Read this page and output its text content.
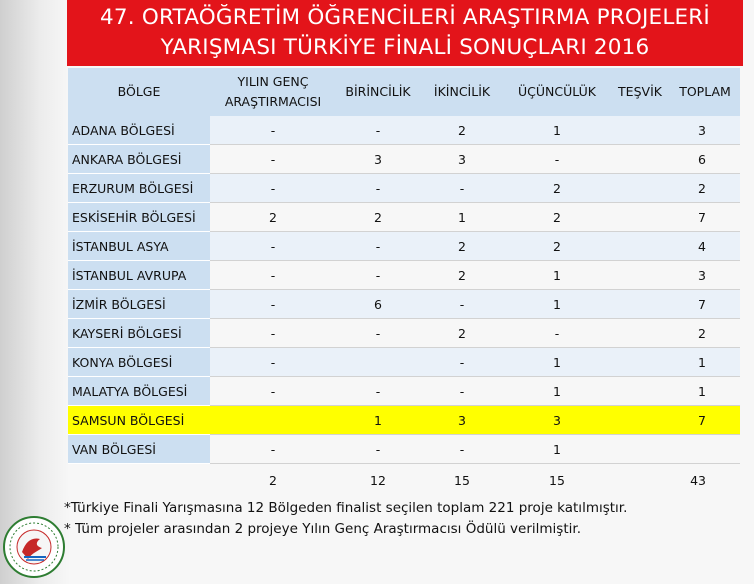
47. ORTAÖĞRETİM ÖĞRENCİLERİ ARAŞTIRMA PROJELERİ
YARIŞMASI TÜRKİYE FİNALİ SONUÇLARI 2016
BÖLGE	YILIN GENÇ
ARAŞTIRMACISI	BİRİNCİLİK	İKİNCİLİK	ÜÇÜNCÜLÜK	TEŞVİK	TOPLAM
ADANA BÖLGESİ	-	-	2	1		3
ANKARA BÖLGESİ	-	3	3	-		6
ERZURUM BÖLGESİ	-	-	-	2		2
ESKİSEHİR BÖLGESİ	2	2	1	2		7
İSTANBUL ASYA	-	-	2	2		4
İSTANBUL AVRUPA	-	-	2	1		3
İZMİR BÖLGESİ	-	6	-	1		7
KAYSERİ BÖLGESİ	-	-	2	-		2
KONYA BÖLGESİ	-		-	1		1
MALATYA BÖLGESİ	-	-	-	1		1
SAMSUN BÖLGESİ		1	3	3		7
VAN BÖLGESİ	-	-	-	1		
	2	12	15	15		43
*Türkiye Finali Yarışmasına 12 Bölgeden finalist seçilen toplam 221 proje katılmıştır.
* Tüm projeler arasından 2 projeye Yılın Genç Araştırmacısı Ödülü verilmiştir.
